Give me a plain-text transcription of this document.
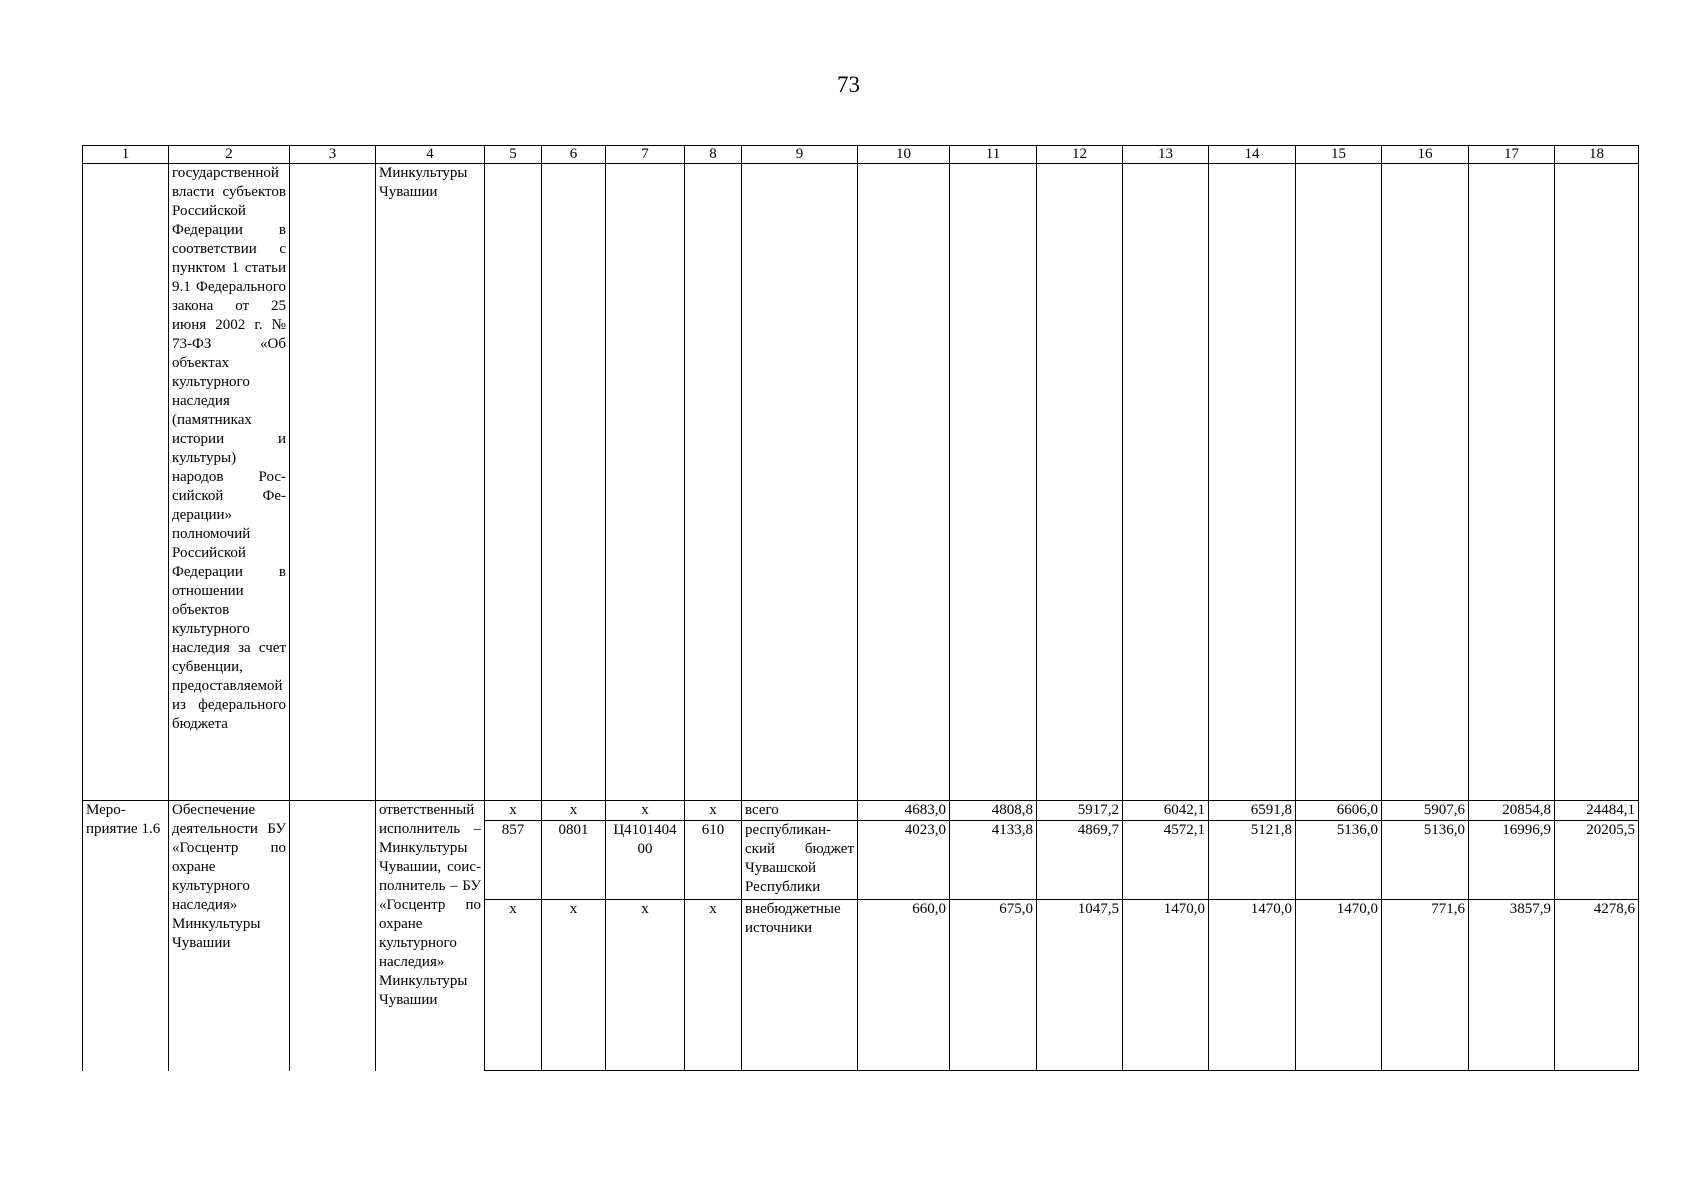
73
1	2	3	4	5	6	7	8	9	10	11	12	13	14	15	16	17	18
	государственной власти субъектов Российской Федерации в соответствии с пунктом 1 статьи 9.1 Федерального закона от 25 июня 2002 г. № 73-ФЗ «Об объектах культурного наследия (памятниках истории и культуры) народов Российской Федерации» полномочий Российской Федерации в отношении объектов культурного наследия за счет субвенции, предоставляемой из федерального бюджета		Минкультуры Чувашии														
Мероприятие 1.6	Обеспечение деятельности БУ «Госцентр по охране культурного наследия» Минкультуры Чувашии		ответственный исполнитель – Минкультуры Чувашии, соисполнитель – БУ «Госцентр по охране культурного наследия» Минкультуры Чувашии	x	x	x	x	всего	4683,0	4808,8	5917,2	6042,1	6591,8	6606,0	5907,6	20854,8	24484,1
				857	0801	Ц4101404 00	610	республиканский бюджет Чувашской Республики	4023,0	4133,8	4869,7	4572,1	5121,8	5136,0	5136,0	16996,9	20205,5
				x	x	x	x	внебюджетные источники	660,0	675,0	1047,5	1470,0	1470,0	1470,0	771,6	3857,9	4278,6
